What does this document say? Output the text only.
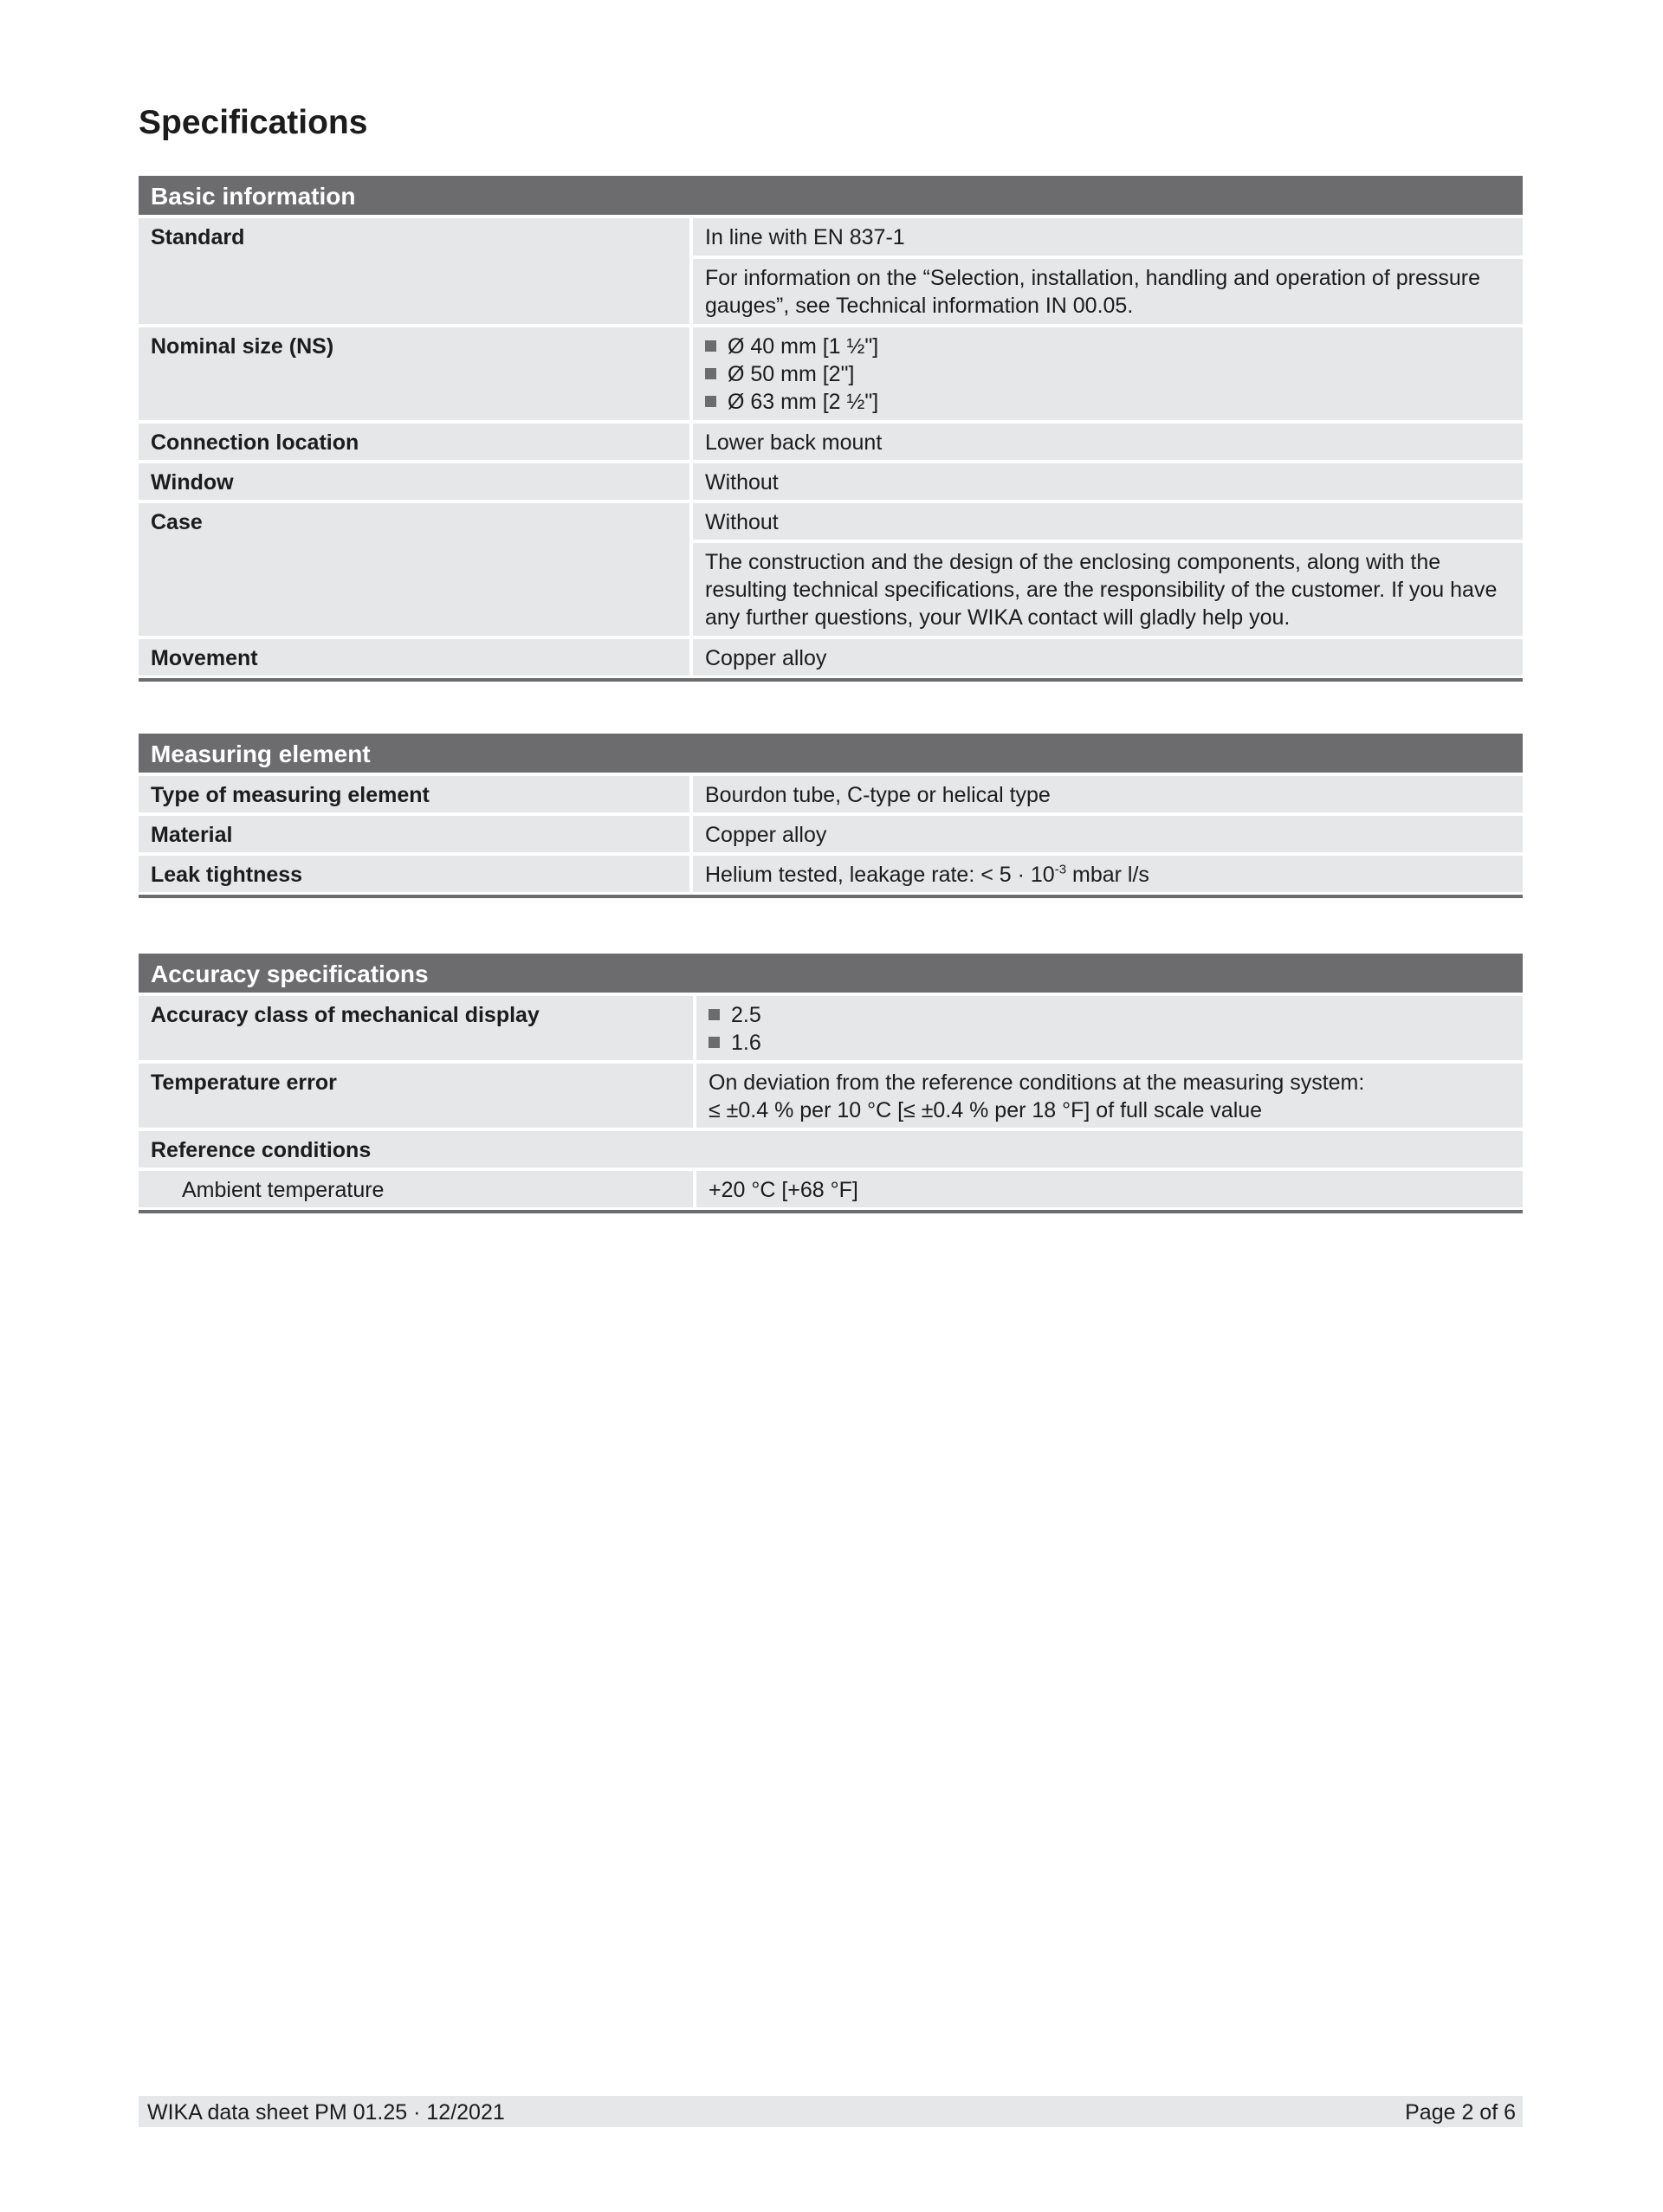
Specifications
Basic information
Standard	In line with EN 837-1
For information on the “Selection, installation, handling and operation of pressure gauges”, see Technical information IN 00.05.
Nominal size (NS)	Ø 40 mm [1 ½"]
Ø 50 mm [2"]
Ø 63 mm [2 ½"]
Connection location	Lower back mount
Window	Without
Case	Without
The construction and the design of the enclosing components, along with the resulting technical specifications, are the responsibility of the customer. If you have any further questions, your WIKA contact will gladly help you.
Movement	Copper alloy
Measuring element
Type of measuring element	Bourdon tube, C-type or helical type
Material	Copper alloy
Leak tightness	Helium tested, leakage rate: < $5 \cdot 10^{-3}$ mbar l/s
Accuracy specifications
Accuracy class of mechanical display	2.5
1.6
Temperature error	On deviation from the reference conditions at the measuring system:
≤ ±0.4 % per 10 °C [≤ ±0.4 % per 18 °F] of full scale value
Reference conditions
Ambient temperature	+20 °C [+68 °F]
WIKA data sheet PM 01.25 · 12/2021	Page 2 of 6
